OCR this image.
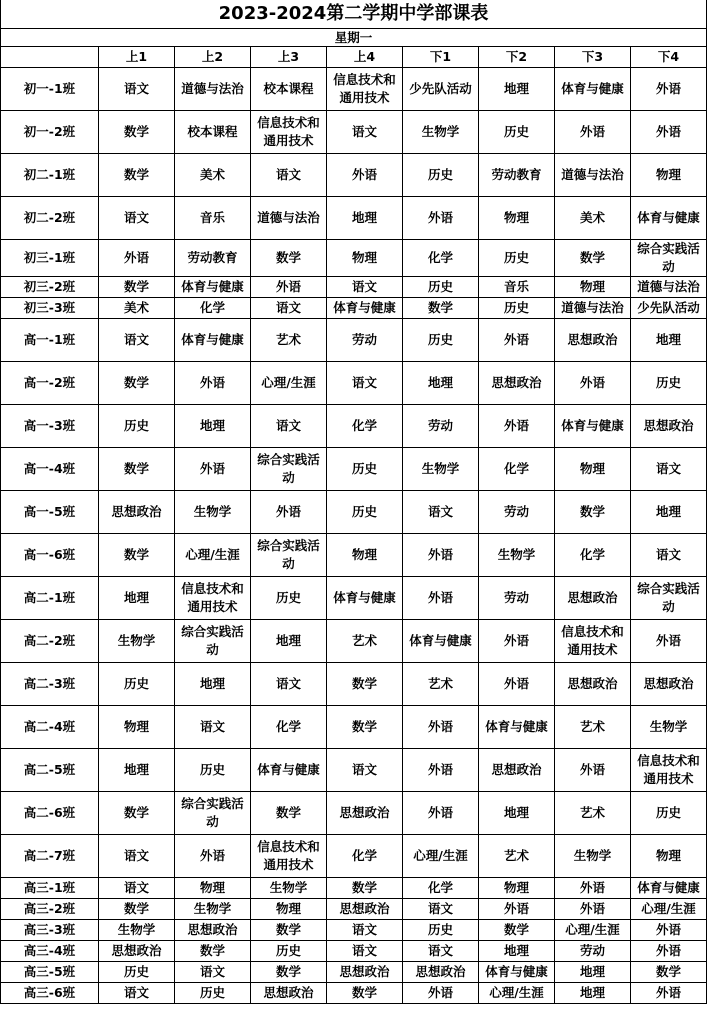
2023-2024第二学期中学部课表								
星期一								
	上1	上2	上3	上4	下1	下2	下3	下4
初一-1班	语文	道德与法治	校本课程	信息技术和通用技术	少先队活动	地理	体育与健康	外语
初一-2班	数学	校本课程	信息技术和通用技术	语文	生物学	历史	外语	外语
初二-1班	数学	美术	语文	外语	历史	劳动教育	道德与法治	物理
初二-2班	语文	音乐	道德与法治	地理	外语	物理	美术	体育与健康
初三-1班	外语	劳动教育	数学	物理	化学	历史	数学	综合实践活动
初三-2班	数学	体育与健康	外语	语文	历史	音乐	物理	道德与法治
初三-3班	美术	化学	语文	体育与健康	数学	历史	道德与法治	少先队活动
高一-1班	语文	体育与健康	艺术	劳动	历史	外语	思想政治	地理
高一-2班	数学	外语	心理/生涯	语文	地理	思想政治	外语	历史
高一-3班	历史	地理	语文	化学	劳动	外语	体育与健康	思想政治
高一-4班	数学	外语	综合实践活动	历史	生物学	化学	物理	语文
高一-5班	思想政治	生物学	外语	历史	语文	劳动	数学	地理
高一-6班	数学	心理/生涯	综合实践活动	物理	外语	生物学	化学	语文
高二-1班	地理	信息技术和通用技术	历史	体育与健康	外语	劳动	思想政治	综合实践活动
高二-2班	生物学	综合实践活动	地理	艺术	体育与健康	外语	信息技术和通用技术	外语
高二-3班	历史	地理	语文	数学	艺术	外语	思想政治	思想政治
高二-4班	物理	语文	化学	数学	外语	体育与健康	艺术	生物学
高二-5班	地理	历史	体育与健康	语文	外语	思想政治	外语	信息技术和通用技术
高二-6班	数学	综合实践活动	数学	思想政治	外语	地理	艺术	历史
高二-7班	语文	外语	信息技术和通用技术	化学	心理/生涯	艺术	生物学	物理
高三-1班	语文	物理	生物学	数学	化学	物理	外语	体育与健康
高三-2班	数学	生物学	物理	思想政治	语文	外语	外语	心理/生涯
高三-3班	生物学	思想政治	数学	语文	历史	数学	心理/生涯	外语
高三-4班	思想政治	数学	历史	语文	语文	地理	劳动	外语
高三-5班	历史	语文	数学	思想政治	思想政治	体育与健康	地理	数学
高三-6班	语文	历史	思想政治	数学	外语	心理/生涯	地理	外语
